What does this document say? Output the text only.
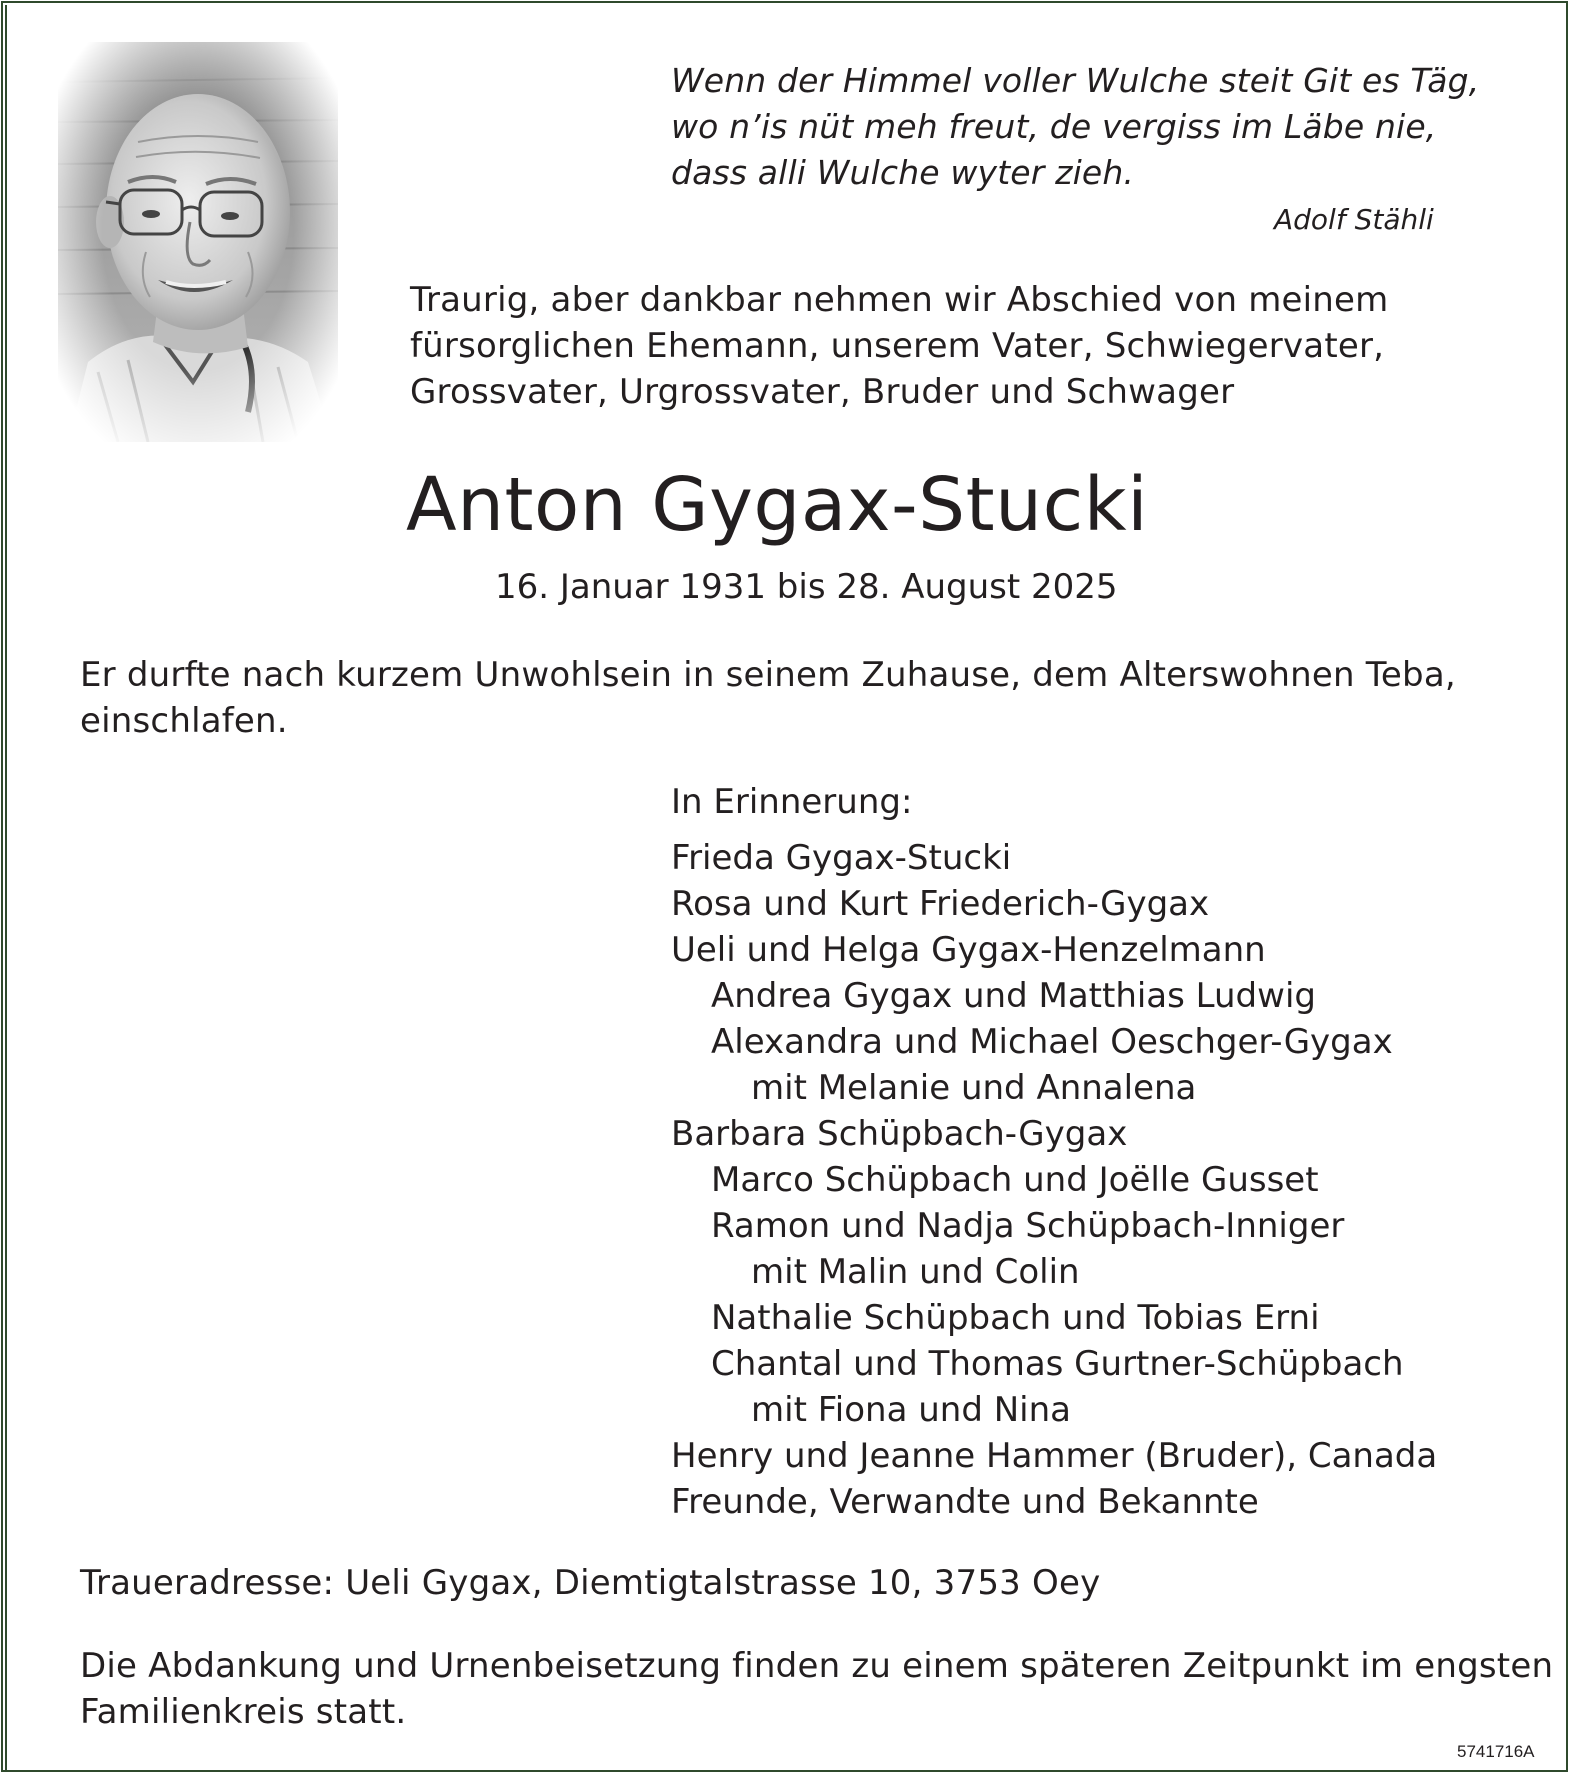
Wenn der Himmel voller Wulche steit Git es Täg,
wo n’is nüt meh freut, de vergiss im Läbe nie,
dass alli Wulche wyter zieh.
Adolf Stähli
Traurig, aber dankbar nehmen wir Abschied von meinem
fürsorglichen Ehemann, unserem Vater, Schwiegervater,
Grossvater, Urgrossvater, Bruder und Schwager
Anton Gygax-Stucki
16. Januar 1931 bis 28. August 2025
Er durfte nach kurzem Unwohlsein in seinem Zuhause, dem Alterswohnen Teba,
einschlafen.
In Erinnerung:
Frieda Gygax-Stucki
Rosa und Kurt Friederich-Gygax
Ueli und Helga Gygax-Henzelmann
Andrea Gygax und Matthias Ludwig
Alexandra und Michael Oeschger-Gygax
mit Melanie und Annalena
Barbara Schüpbach-Gygax
Marco Schüpbach und Joëlle Gusset
Ramon und Nadja Schüpbach-Inniger
mit Malin und Colin
Nathalie Schüpbach und Tobias Erni
Chantal und Thomas Gurtner-Schüpbach
mit Fiona und Nina
Henry und Jeanne Hammer (Bruder), Canada
Freunde, Verwandte und Bekannte
Traueradresse: Ueli Gygax, Diemtigtalstrasse 10, 3753 Oey
Die Abdankung und Urnenbeisetzung finden zu einem späteren Zeitpunkt im engsten
Familienkreis statt.
5741716A
